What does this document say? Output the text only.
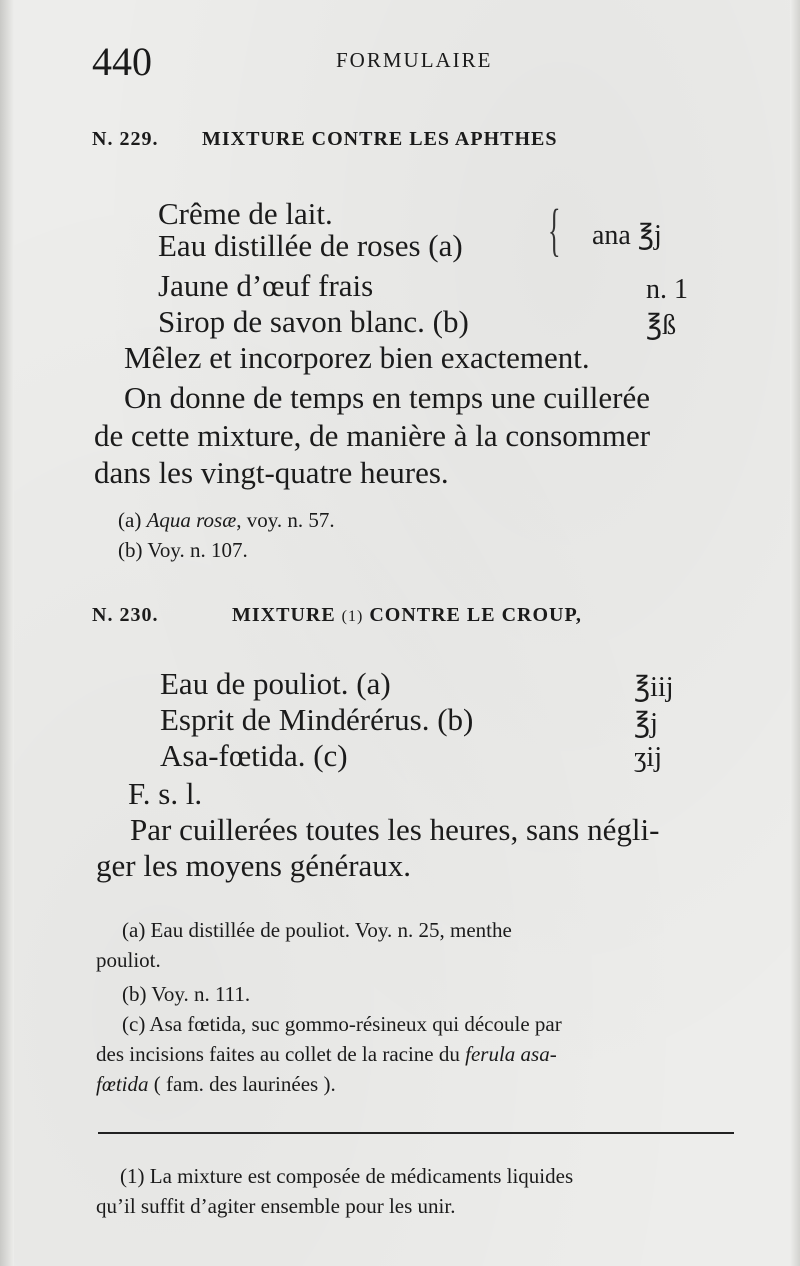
440	FORMULAIRE
N. 229. MIXTURE CONTRE LES APHTHES
Crême de lait.
Eau distillée de roses (a) { ana ℥j
Jaune d’œuf frais	n. 1
Sirop de savon blanc. (b)	℥ß
Mêlez et incorporez bien exactement.
On donne de temps en temps une cuillerée
de cette mixture, de manière à la consommer
dans les vingt-quatre heures.
(a) Aqua rosæ, voy. n. 57.
(b) Voy. n. 107.
N. 230.	MIXTURE (1) CONTRE LE CROUP,
Eau de pouliot. (a)	℥iij
Esprit de Mindérérus. (b)	℥j
Asa-fœtida. (c)	ʒij
F. s. l.
Par cuillerées toutes les heures, sans négli-
ger les moyens généraux.
(a) Eau distillée de pouliot. Voy. n. 25, menthe
pouliot.
(b) Voy. n. 111.
(c) Asa fœtida, suc gommo-résineux qui découle par
des incisions faites au collet de la racine du ferula asa-
fœtida ( fam. des laurinées ).
(1) La mixture est composée de médicaments liquides
qu’il suffit d’agiter ensemble pour les unir.
